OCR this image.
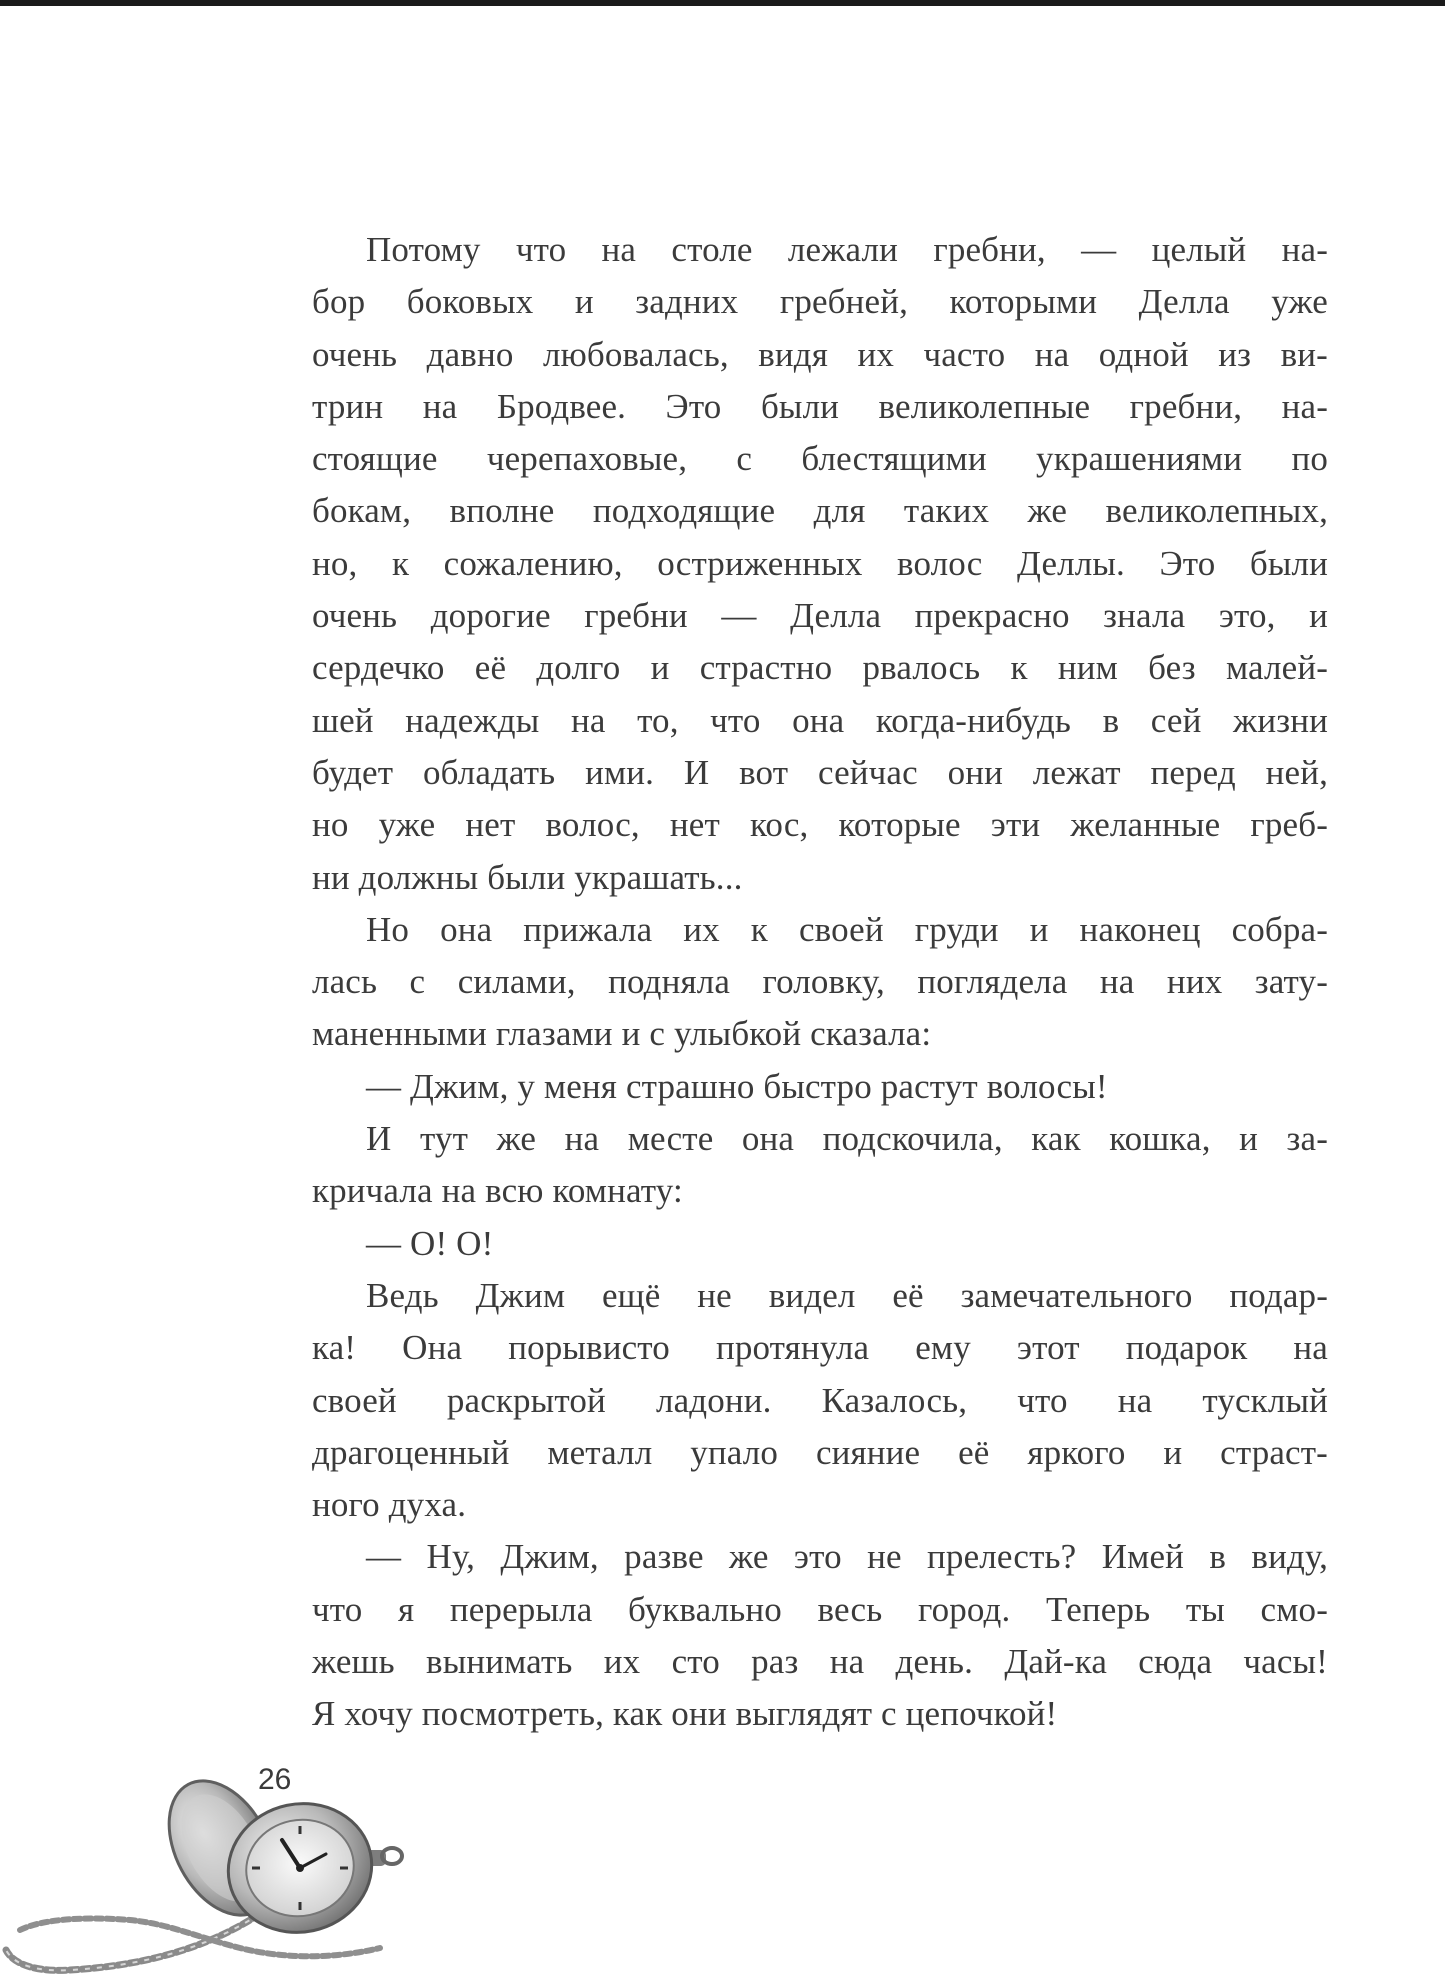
Потому что на столе лежали гребни, — целый на-
бор боковых и задних гребней, которыми Делла уже
очень давно любовалась, видя их часто на одной из ви-
трин на Бродвее. Это были великолепные гребни, на-
стоящие черепаховые, с блестящими украшениями по
бокам, вполне подходящие для таких же великолепных,
но, к сожалению, остриженных волос Деллы. Это были
очень дорогие гребни — Делла прекрасно знала это, и
сердечко её долго и страстно рвалось к ним без малей-
шей надежды на то, что она когда-нибудь в сей жизни
будет обладать ими. И вот сейчас они лежат перед ней,
но уже нет волос, нет кос, которые эти желанные греб-
ни должны были украшать...
Но она прижала их к своей груди и наконец собра-
лась с силами, подняла головку, поглядела на них зату-
маненными глазами и с улыбкой сказала:
— Джим, у меня страшно быстро растут волосы!
И тут же на месте она подскочила, как кошка, и за-
кричала на всю комнату:
— О! О!
Ведь Джим ещё не видел её замечательного подар-
ка! Она порывисто протянула ему этот подарок на
своей раскрытой ладони. Казалось, что на тусклый
драгоценный металл упало сияние её яркого и страст-
ного духа.
— Ну, Джим, разве же это не прелесть? Имей в виду,
что я перерыла буквально весь город. Теперь ты смо-
жешь вынимать их сто раз на день. Дай-ка сюда часы!
Я хочу посмотреть, как они выглядят с цепочкой!
26
